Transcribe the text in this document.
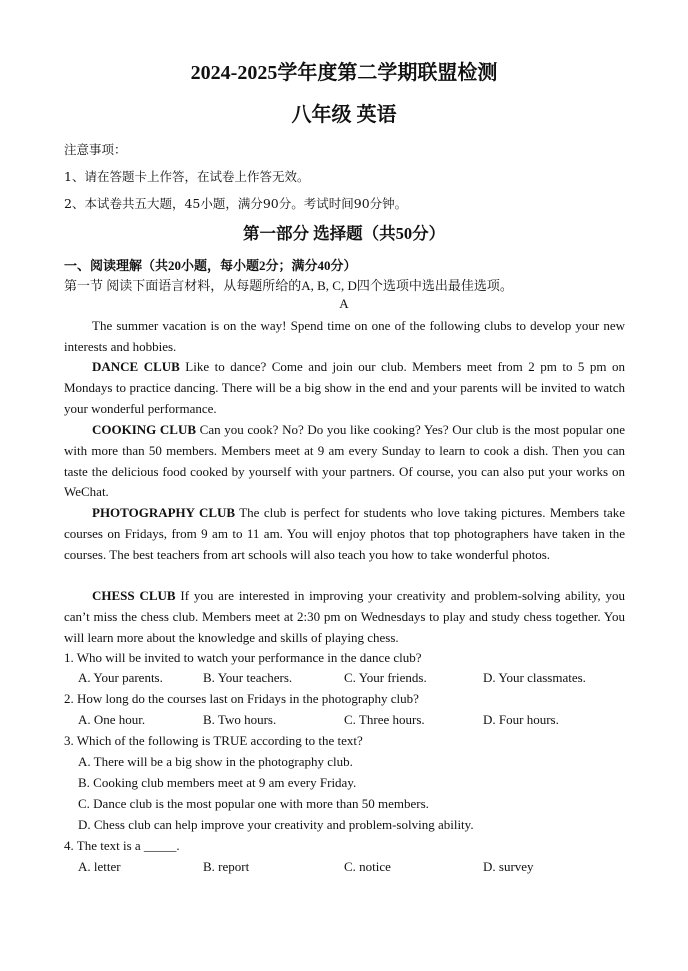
2024-2025学年度第二学期联盟检测
八年级 英语
注意事项：
1、请在答题卡上作答，在试卷上作答无效。
2、本试卷共五大题，45小题，满分90分。考试时间90分钟。
第一部分 选择题（共50分）
一、阅读理解（共20小题，每小题2分；满分40分）
第一节 阅读下面语言材料，从每题所给的A, B, C, D四个选项中选出最佳选项。
A
The summer vacation is on the way! Spend time on one of the following clubs to develop your new interests and hobbies.
DANCE CLUB Like to dance? Come and join our club. Members meet from 2 pm to 5 pm on Mondays to practice dancing. There will be a big show in the end and your parents will be invited to watch your wonderful performance.
COOKING CLUB Can you cook? No? Do you like cooking? Yes? Our club is the most popular one with more than 50 members. Members meet at 9 am every Sunday to learn to cook a dish. Then you can taste the delicious food cooked by yourself with your partners. Of course, you can also put your works on WeChat.
PHOTOGRAPHY CLUB The club is perfect for students who love taking pictures. Members take courses on Fridays, from 9 am to 11 am. You will enjoy photos that top photographers have taken in the courses. The best teachers from art schools will also teach you how to take wonderful photos.
CHESS CLUB If you are interested in improving your creativity and problem-solving ability, you can’t miss the chess club. Members meet at 2:30 pm on Wednesdays to play and study chess together. You will learn more about the knowledge and skills of playing chess.
1. Who will be invited to watch your performance in the dance club?
A. Your parents.	B. Your teachers.	C. Your friends.	D. Your classmates.
2. How long do the courses last on Fridays in the photography club?
A. One hour.	B. Two hours.	C. Three hours.	D. Four hours.
3. Which of the following is TRUE according to the text?
A. There will be a big show in the photography club.
B. Cooking club members meet at 9 am every Friday.
C. Dance club is the most popular one with more than 50 members.
D. Chess club can help improve your creativity and problem-solving ability.
4. The text is a _____.
A. letter	B. report	C. notice	D. survey
